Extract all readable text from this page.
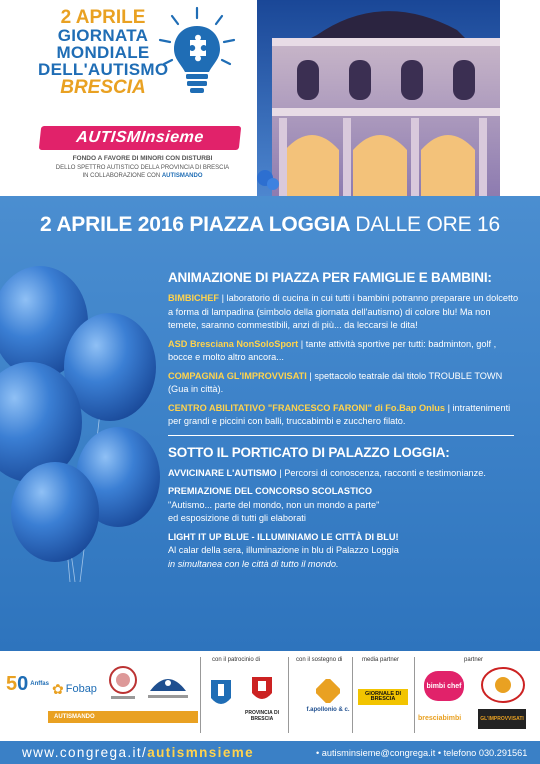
2 APRILE
GIORNATA
MONDIALE
DELL'AUTISMO
BRESCIA
AUTISMInsieme
FONDO A FAVORE DI MINORI CON DISTURBI
DELLO SPETTRO AUTISTICO DELLA PROVINCIA DI BRESCIA
IN COLLABORAZIONE CON AUTISMANDO
2 APRILE 2016 PIAZZA LOGGIA DALLE ORE 16
ANIMAZIONE DI PIAZZA PER FAMIGLIE E BAMBINI:
BIMBICHEF | laboratorio di cucina in cui tutti i bambini potranno preparare un dolcetto a forma di lampadina (simbolo della giornata dell'autismo) di colore blu! Ma non temete, saranno commestibili, anzi di più... da leccarsi le dita!
ASD Bresciana NonSoloSport | tante attività sportive per tutti: badminton, golf , bocce e molto altro ancora...
COMPAGNIA GL'IMPROVVISATI | spettacolo teatrale dal titolo TROUBLE TOWN (Gua in città).
CENTRO ABILITATIVO "FRANCESCO FARONI" di Fo.Bap Onlus | intrattenimenti per grandi e piccini con balli, truccabimbi e zucchero filato.
SOTTO IL PORTICATO DI PALAZZO LOGGIA:
AVVICINARE L'AUTISMO | Percorsi di conoscenza, racconti e testimonianze.
PREMIAZIONE DEL CONCORSO SCOLASTICO
"Autismo... parte del mondo, non un mondo a parte"
ed esposizione di tutti gli elaborati
LIGHT IT UP BLUE - ILLUMINIAMO LE CITTÀ DI BLU!
Al calar della sera, illuminazione in blu di Palazzo Loggia
in simultanea con le città di tutto il mondo.
5 0 Anffas ✿ Fobap
AUTISMANDO
con il patrocinio di
PROVINCIA DI BRESCIA
con il sostegno di
f.apollonio & c.
media partner
GIORNALE DI BRESCIA
partner
bimbi chef
bresciabimbi	GL'IMPROVVISATI
www.congrega.it/autismnsieme	• autisminsieme@congrega.it • telefono 030.291561
